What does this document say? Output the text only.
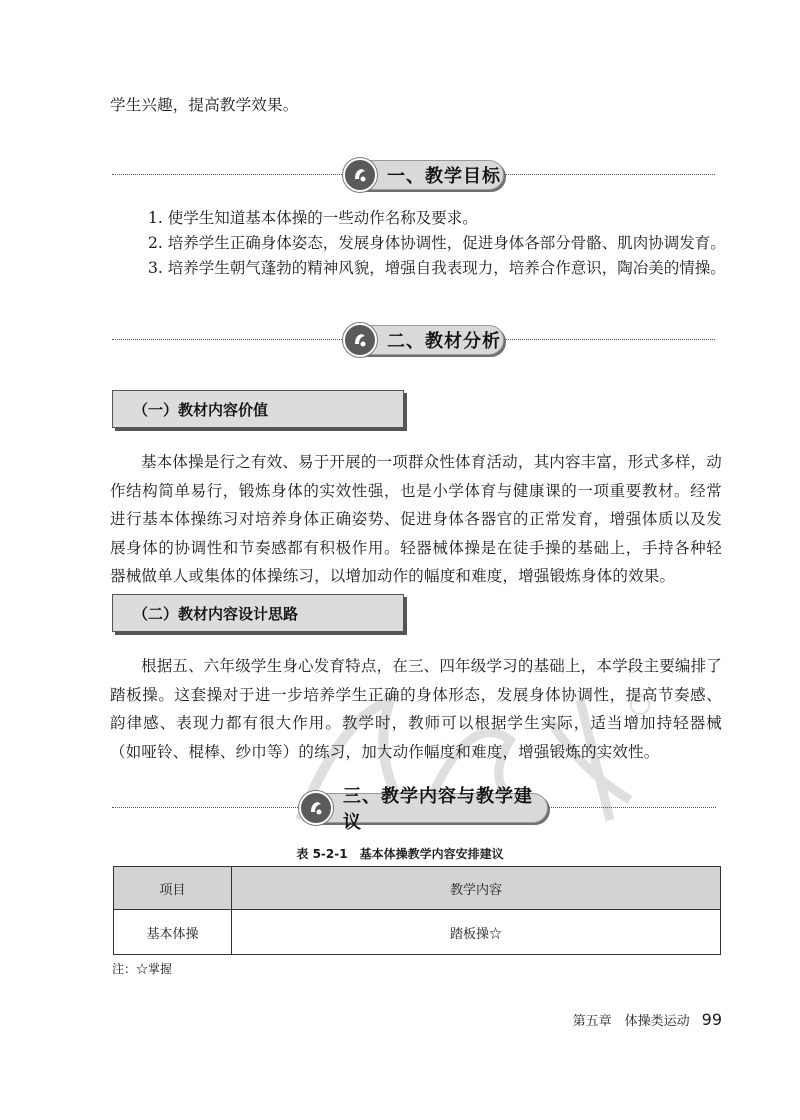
学生兴趣，提高教学效果。
一、教学目标
1. 使学生知道基本体操的一些动作名称及要求。
2. 培养学生正确身体姿态，发展身体协调性，促进身体各部分骨骼、肌肉协调发育。
3. 培养学生朝气蓬勃的精神风貌，增强自我表现力，培养合作意识，陶冶美的情操。
二、教材分析
（一）教材内容价值
基本体操是行之有效、易于开展的一项群众性体育活动，其内容丰富，形式多样，动作结构简单易行，锻炼身体的实效性强，也是小学体育与健康课的一项重要教材。经常进行基本体操练习对培养身体正确姿势、促进身体各器官的正常发育，增强体质以及发展身体的协调性和节奏感都有积极作用。轻器械体操是在徒手操的基础上，手持各种轻器械做单人或集体的体操练习，以增加动作的幅度和难度，增强锻炼身体的效果。
（二）教材内容设计思路
根据五、六年级学生身心发育特点，在三、四年级学习的基础上，本学段主要编排了踏板操。这套操对于进一步培养学生正确的身体形态，发展身体协调性，提高节奏感、韵律感、表现力都有很大作用。教学时，教师可以根据学生实际，适当增加持轻器械（如哑铃、棍棒、纱巾等）的练习，加大动作幅度和难度，增强锻炼的实效性。
三、教学内容与教学建议
表 5-2-1　基本体操教学内容安排建议
项目	教学内容
基本体操	踏板操☆
注：☆掌握
第五章　体操类运动 99
